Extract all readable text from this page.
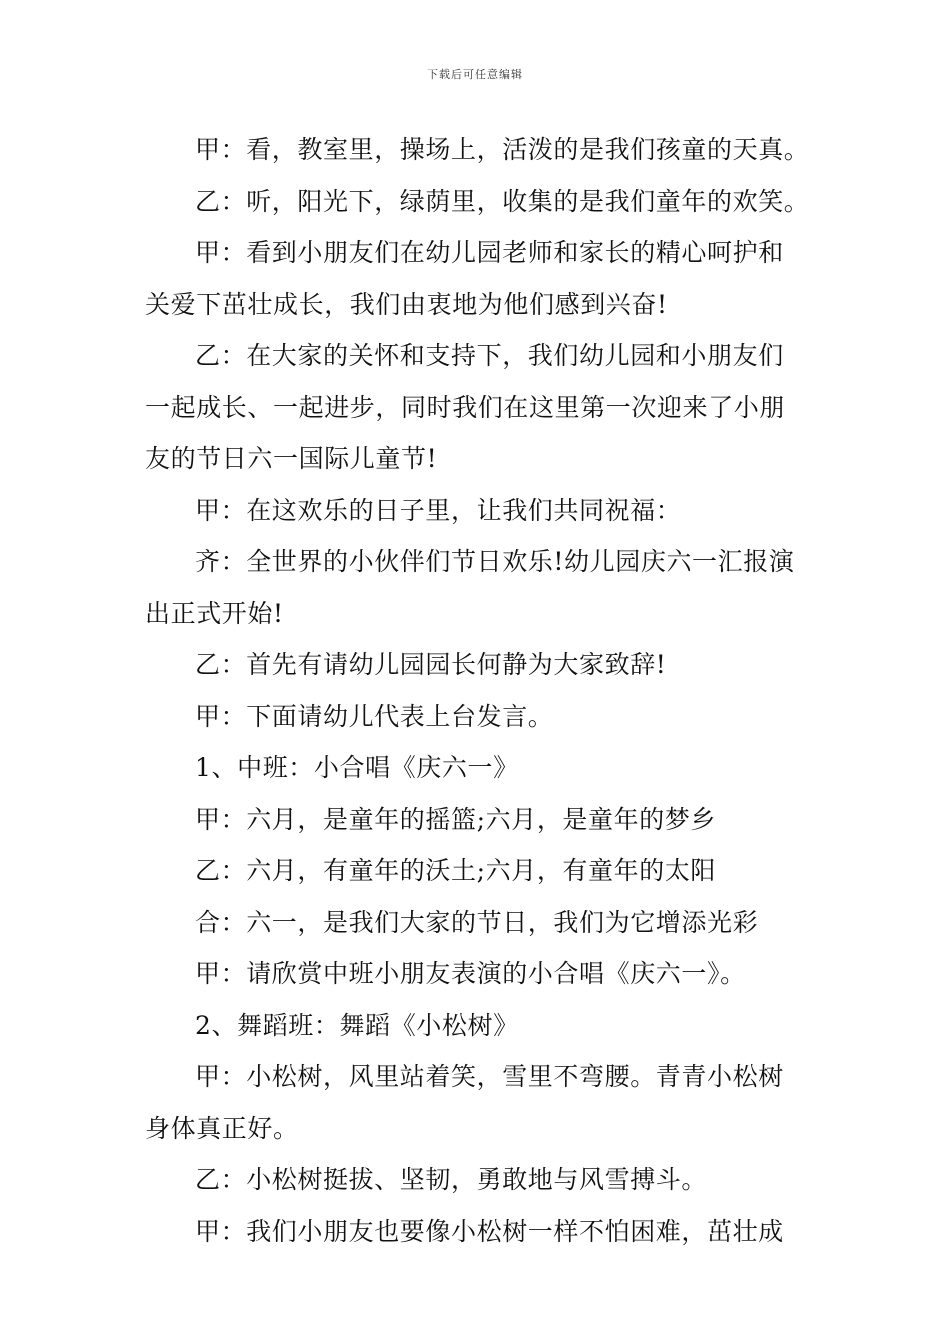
下载后可任意编辑

甲：看，教室里，操场上，活泼的是我们孩童的天真。

乙：听，阳光下，绿荫里，收集的是我们童年的欢笑。

甲：看到小朋友们在幼儿园老师和家长的精心呵护和

关爱下茁壮成长，我们由衷地为他们感到兴奋!

乙：在大家的关怀和支持下，我们幼儿园和小朋友们

一起成长、一起进步，同时我们在这里第一次迎来了小朋

友的节日六一国际儿童节!

甲：在这欢乐的日子里，让我们共同祝福：

齐：全世界的小伙伴们节日欢乐!幼儿园庆六一汇报演

出正式开始!

乙：首先有请幼儿园园长何静为大家致辞!

甲：下面请幼儿代表上台发言。

1、中班：小合唱《庆六一》

甲：六月，是童年的摇篮;六月，是童年的梦乡

乙：六月，有童年的沃土;六月，有童年的太阳

合：六一，是我们大家的节日，我们为它增添光彩

甲：请欣赏中班小朋友表演的小合唱《庆六一》。

2、舞蹈班：舞蹈《小松树》

甲：小松树，风里站着笑，雪里不弯腰。青青小松树

身体真正好。

乙：小松树挺拔、坚韧，勇敢地与风雪搏斗。

甲：我们小朋友也要像小松树一样不怕困难，茁壮成
